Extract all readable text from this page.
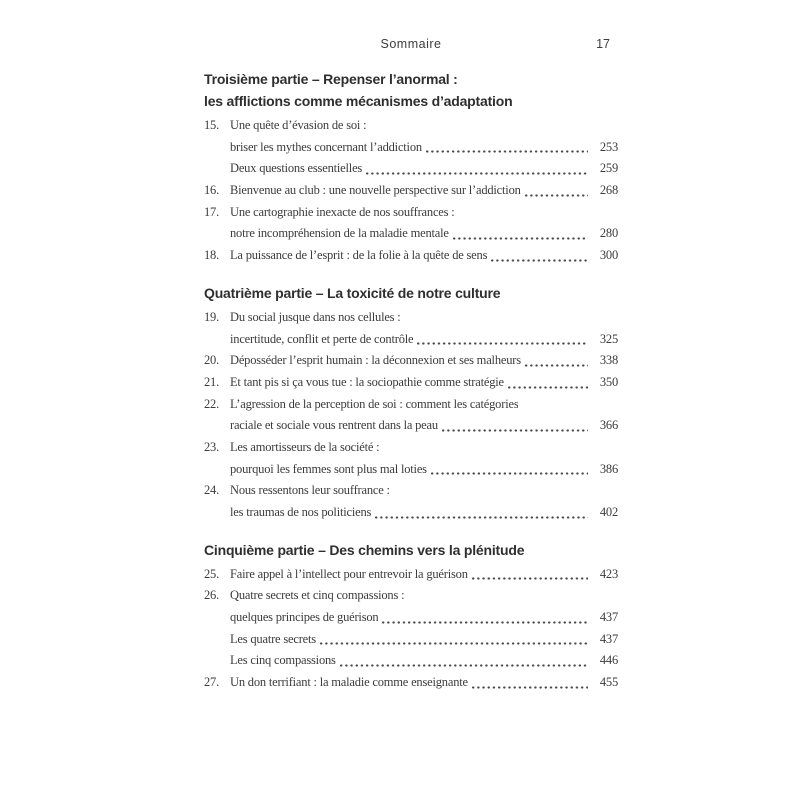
Sommaire	17
Troisième partie – Repenser l’anormal :
les afflictions comme mécanismes d’adaptation
15. Une quête d’évasion de soi :
briser les mythes concernant l’addiction	253
Deux questions essentielles	259
16. Bienvenue au club : une nouvelle perspective sur l’addiction	268
17. Une cartographie inexacte de nos souffrances :
notre incompréhension de la maladie mentale	280
18. La puissance de l’esprit : de la folie à la quête de sens	300
Quatrième partie – La toxicité de notre culture
19. Du social jusque dans nos cellules :
incertitude, conflit et perte de contrôle	325
20. Déposséder l’esprit humain : la déconnexion et ses malheurs	338
21. Et tant pis si ça vous tue : la sociopathie comme stratégie	350
22. L’agression de la perception de soi : comment les catégories
raciale et sociale vous rentrent dans la peau	366
23. Les amortisseurs de la société :
pourquoi les femmes sont plus mal loties	386
24. Nous ressentons leur souffrance :
les traumas de nos politiciens	402
Cinquième partie – Des chemins vers la plénitude
25. Faire appel à l’intellect pour entrevoir la guérison	423
26. Quatre secrets et cinq compassions :
quelques principes de guérison	437
Les quatre secrets	437
Les cinq compassions	446
27. Un don terrifiant : la maladie comme enseignante	455
